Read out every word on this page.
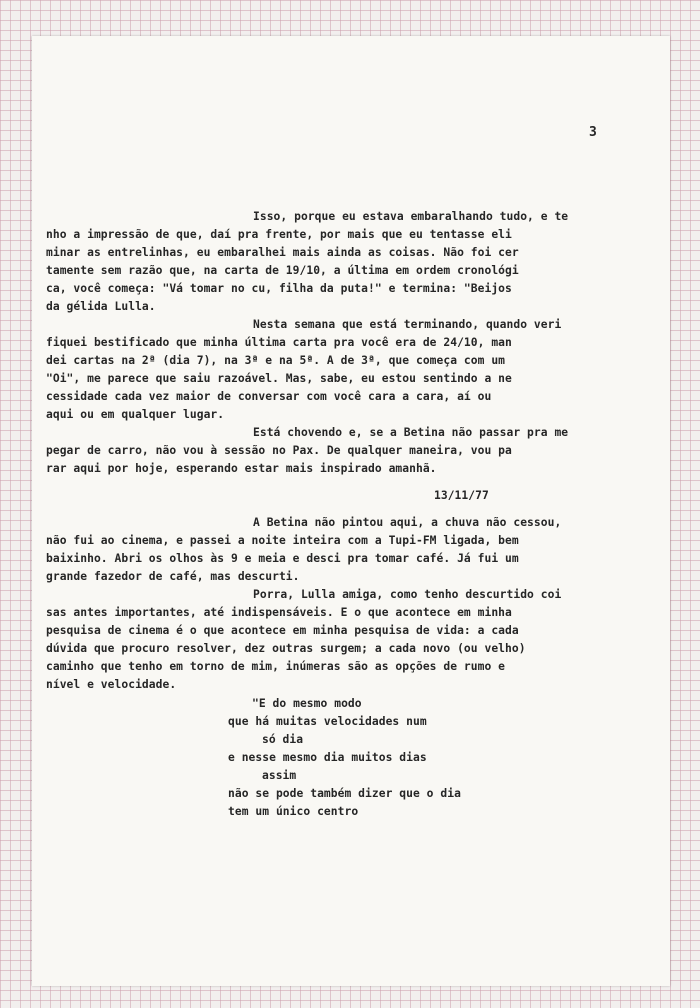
3
Isso, porque eu estava embaralhando tudo, e te
nho a impressão de que, daí pra frente, por mais que eu tentasse eli
minar as entrelinhas, eu embaralhei mais ainda as coisas. Não foi cer
tamente sem razão que, na carta de 19/10, a última em ordem cronológi
ca, você começa: "Vá tomar no cu, filha da puta!" e termina: "Beijos
da gélida Lulla.
Nesta semana que está terminando, quando veri
fiquei bestificado que minha última carta pra você era de 24/10, man
dei cartas na 2ª (dia 7), na 3ª e na 5ª. A de 3ª, que começa com um
"Oi", me parece que saiu razoável. Mas, sabe, eu estou sentindo a ne
cessidade cada vez maior de conversar com você cara a cara, aí ou
aqui ou em qualquer lugar.
Está chovendo e, se a Betina não passar pra me
pegar de carro, não vou à sessão no Pax. De qualquer maneira, vou pa
rar aqui por hoje, esperando estar mais inspirado amanhã.
13/11/77
A Betina não pintou aqui, a chuva não cessou,
não fui ao cinema, e passei a noite inteira com a Tupi-FM ligada, bem
baixinho. Abri os olhos às 9 e meia e desci pra tomar café. Já fui um
grande fazedor de café, mas descurti.
Porra, Lulla amiga, como tenho descurtido coi
sas antes importantes, até indispensáveis. E o que acontece em minha
pesquisa de cinema é o que acontece em minha pesquisa de vida: a cada
dúvida que procuro resolver, dez outras surgem; a cada novo (ou velho)
caminho que tenho em torno de mim, inúmeras são as opções de rumo e
nível e velocidade.
"E do mesmo modo
que há muitas velocidades num
só dia
e nesse mesmo dia muitos dias
assim
não se pode também dizer que o dia
tem um único centro
